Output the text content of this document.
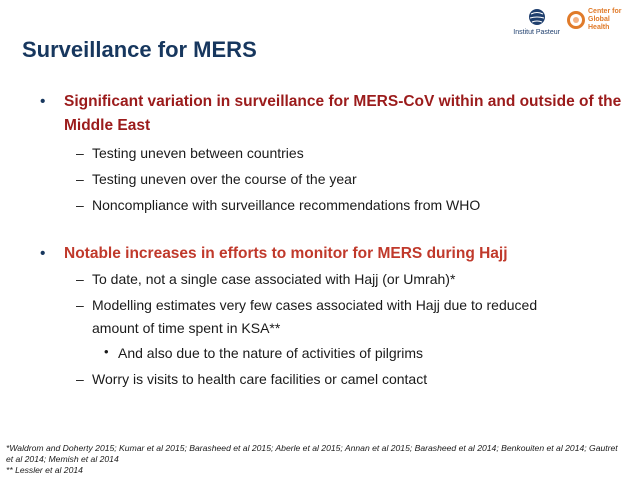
Institut Pasteur
Center for Global Health
Surveillance for MERS
• Significant variation in surveillance for MERS-CoV within and outside of the Middle East
– Testing uneven between countries
– Testing uneven over the course of the year
– Noncompliance with surveillance recommendations from WHO
• Notable increases in efforts to monitor for MERS during Hajj
– To date, not a single case associated with Hajj (or Umrah)*
– Modelling estimates very few cases associated with Hajj due to reduced amount of time spent in KSA**
• And also due to the nature of activities of pilgrims
– Worry is visits to health care facilities or camel contact
*Waldrom and Doherty 2015; Kumar et al 2015; Barasheed et al 2015; Aberle et al 2015; Annan et al 2015; Barasheed et al 2014; Benkouiten et al 2014; Gautret et al 2014; Memish et al 2014
** Lessler et al 2014
